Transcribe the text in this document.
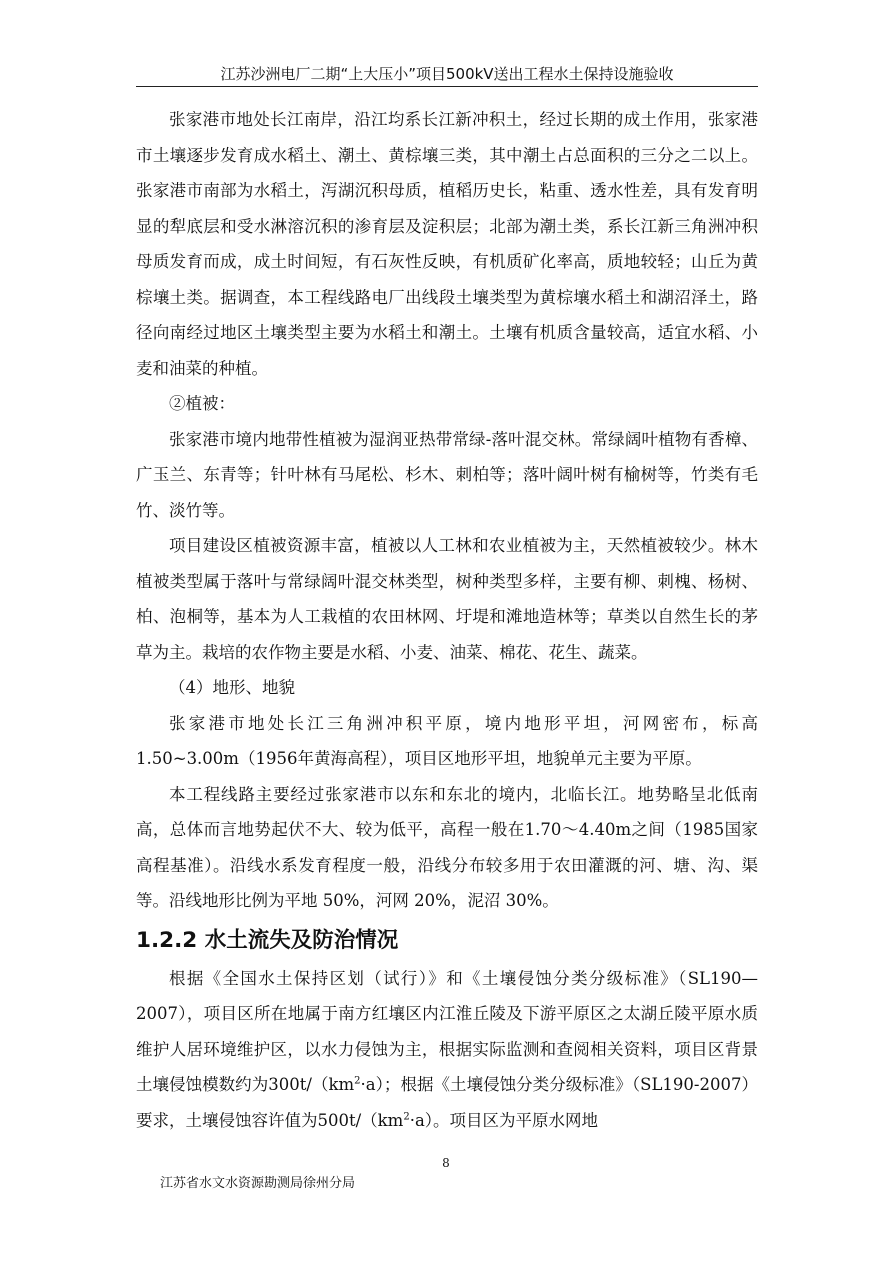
江苏沙洲电厂二期“上大压小”项目500kV送出工程水土保持设施验收

张家港市地处长江南岸，沿江均系长江新冲积土，经过长期的成土作用，张家港市土壤逐步发育成水稻土、潮土、黄棕壤三类，其中潮土占总面积的三分之二以上。张家港市南部为水稻土，泻湖沉积母质，植稻历史长，粘重、透水性差，具有发育明显的犁底层和受水淋溶沉积的渗育层及淀积层；北部为潮土类，系长江新三角洲冲积母质发育而成，成土时间短，有石灰性反映，有机质矿化率高，质地较轻；山丘为黄棕壤土类。据调查，本工程线路电厂出线段土壤类型为黄棕壤水稻土和湖沼泽土，路径向南经过地区土壤类型主要为水稻土和潮土。土壤有机质含量较高，适宜水稻、小麦和油菜的种植。

②植被：

张家港市境内地带性植被为湿润亚热带常绿-落叶混交林。常绿阔叶植物有香樟、广玉兰、东青等；针叶林有马尾松、杉木、刺柏等；落叶阔叶树有榆树等，竹类有毛竹、淡竹等。

项目建设区植被资源丰富，植被以人工林和农业植被为主，天然植被较少。林木植被类型属于落叶与常绿阔叶混交林类型，树种类型多样，主要有柳、刺槐、杨树、柏、泡桐等，基本为人工栽植的农田林网、圩堤和滩地造林等；草类以自然生长的茅草为主。栽培的农作物主要是水稻、小麦、油菜、棉花、花生、蔬菜。

（4）地形、地貌

张家港市地处长江三角洲冲积平原，境内地形平坦，河网密布，标高1.50~3.00m（1956年黄海高程），项目区地形平坦，地貌单元主要为平原。

本工程线路主要经过张家港市以东和东北的境内，北临长江。地势略呈北低南高，总体而言地势起伏不大、较为低平，高程一般在1.70～4.40m之间（1985国家高程基准）。沿线水系发育程度一般，沿线分布较多用于农田灌溉的河、塘、沟、渠等。沿线地形比例为平地 50%，河网 20%，泥沼 30%。

1.2.2 水土流失及防治情况

根据《全国水土保持区划（试行）》和《土壤侵蚀分类分级标准》（SL190—2007），项目区所在地属于南方红壤区内江淮丘陵及下游平原区之太湖丘陵平原水质维护人居环境维护区，以水力侵蚀为主，根据实际监测和查阅相关资料，项目区背景土壤侵蚀模数约为$300t/(km^2\cdot a)$；根据《土壤侵蚀分类分级标准》（SL190-2007）要求，土壤侵蚀容许值为$500t/(km^2\cdot a)$。项目区为平原水网地

8
江苏省水文水资源勘测局徐州分局
